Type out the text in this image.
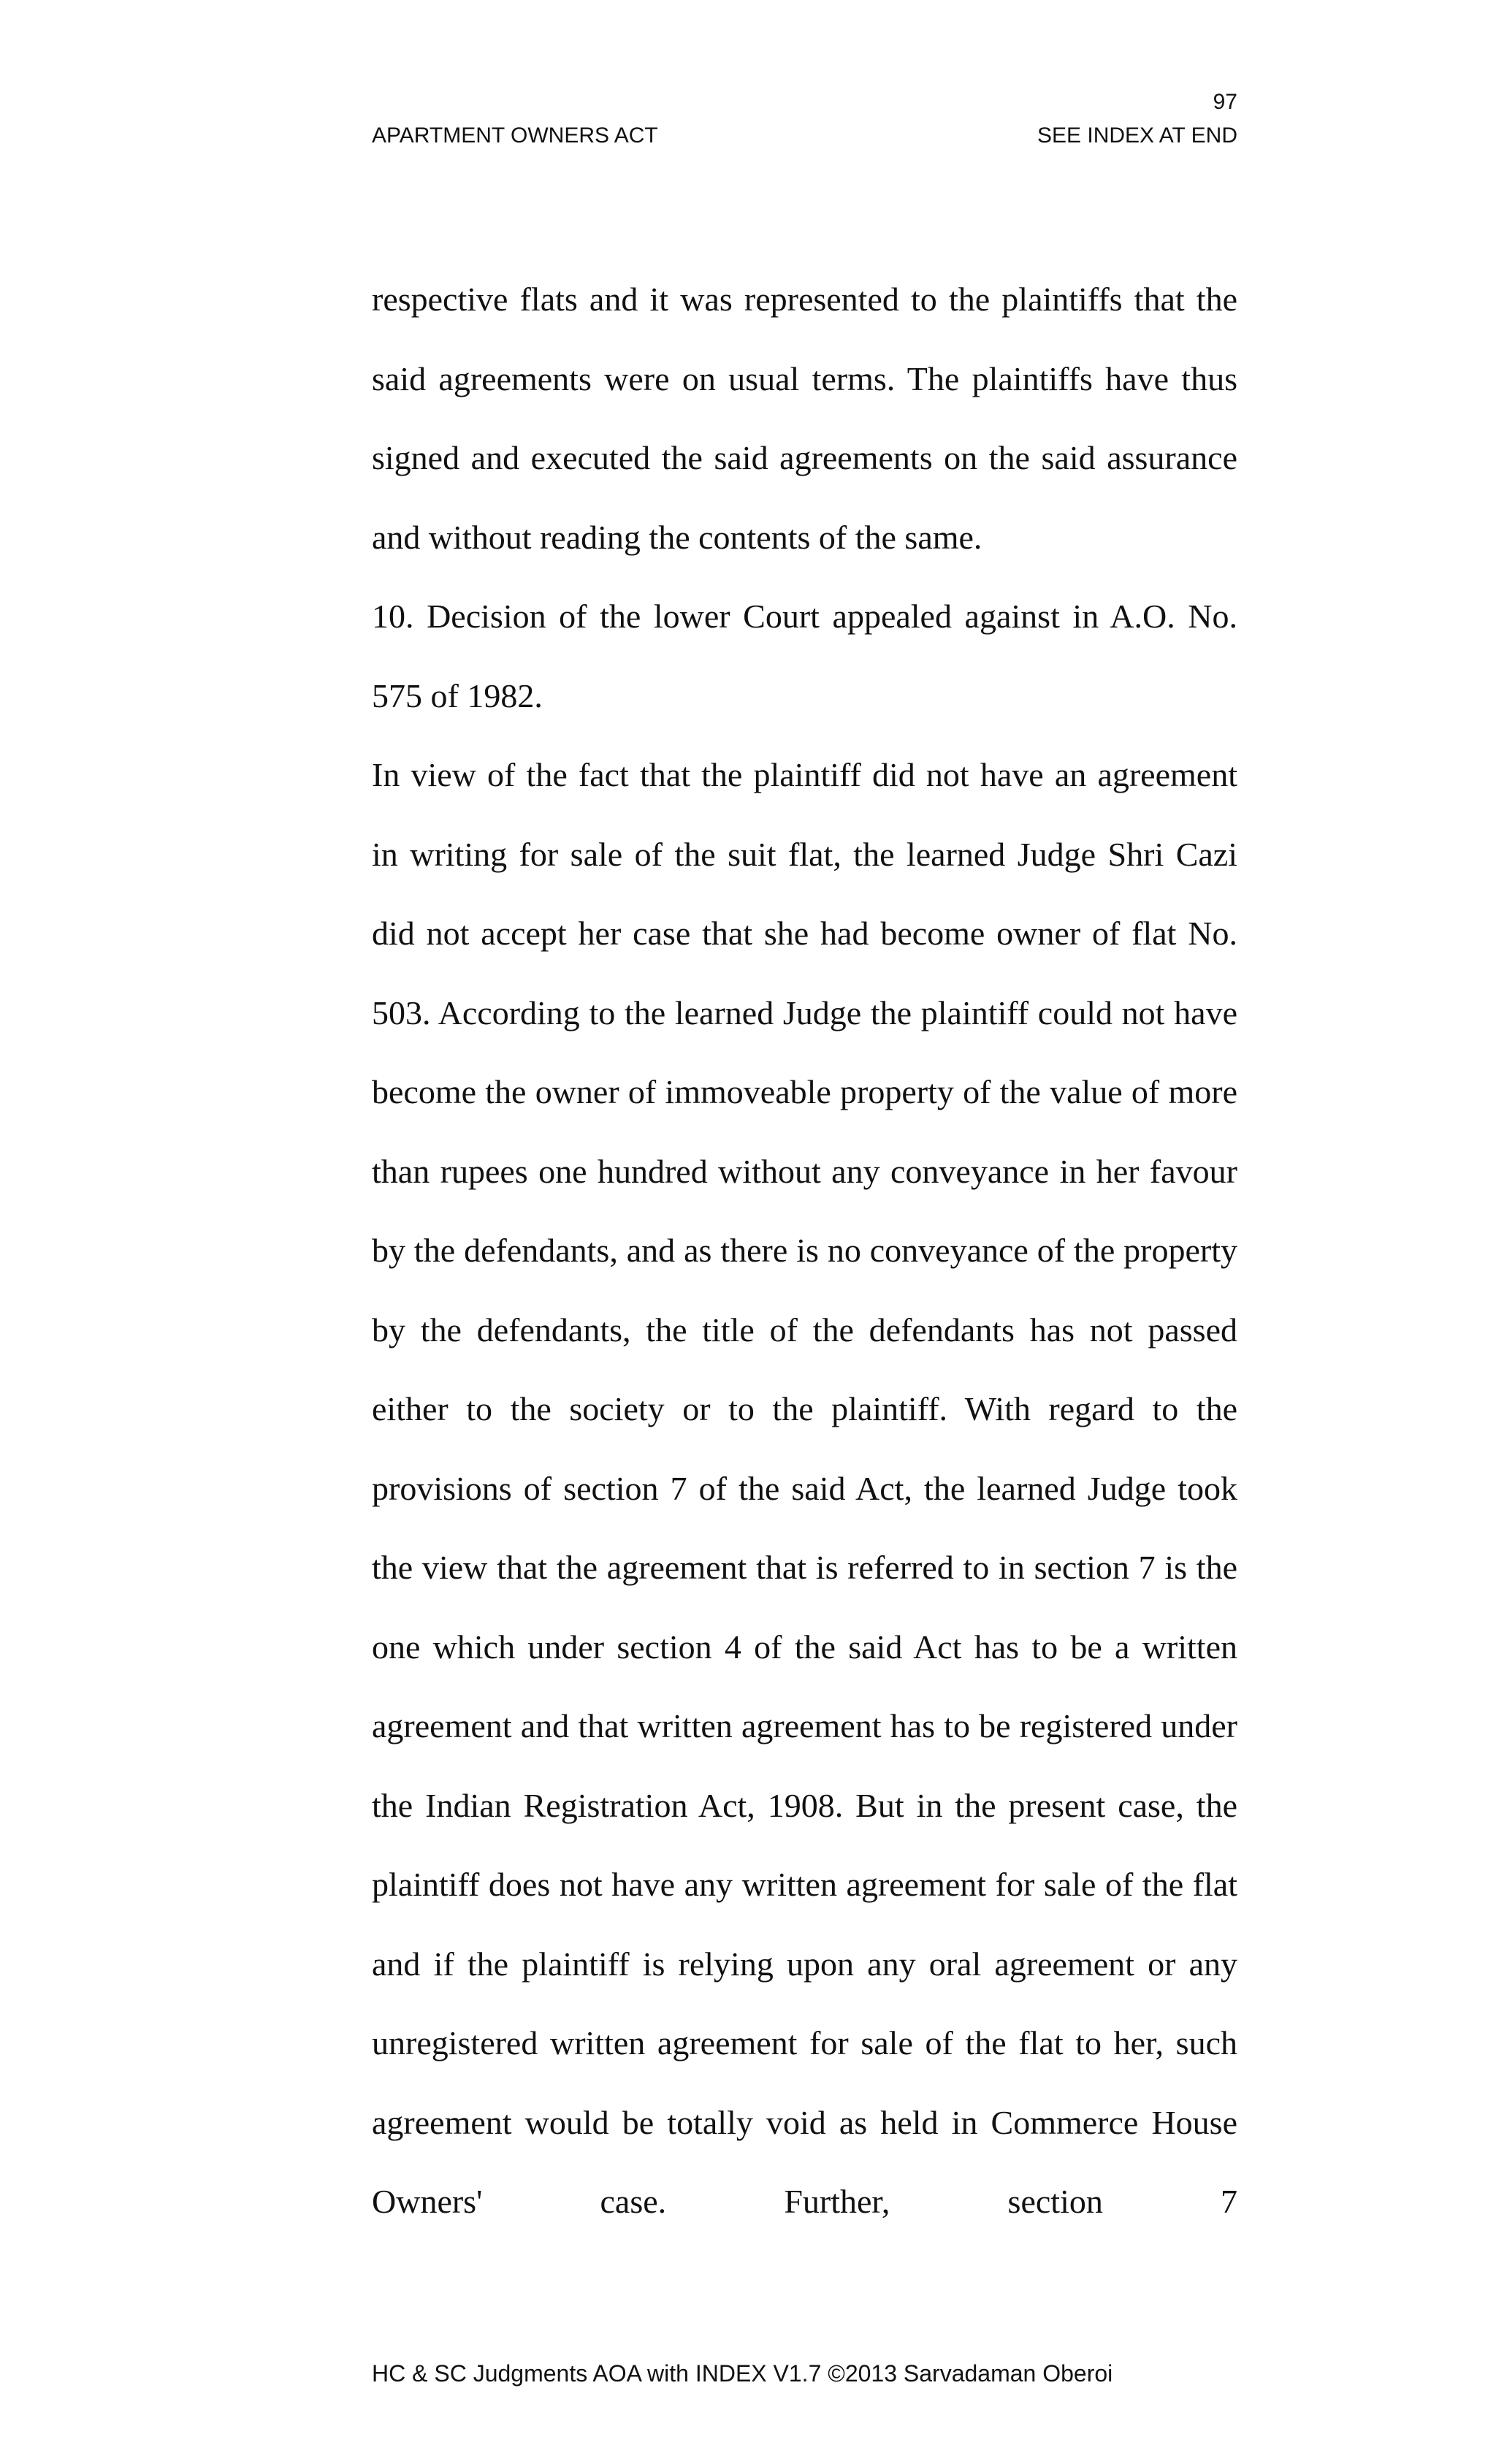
97
APARTMENT OWNERS ACT	SEE INDEX AT END

respective flats and it was represented to the plaintiffs that the said agreements were on usual terms. The plaintiffs have thus signed and executed the said agreements on the said assurance and without reading the contents of the same.

10. Decision of the lower Court appealed against in A.O. No. 575 of 1982.

In view of the fact that the plaintiff did not have an agreement in writing for sale of the suit flat, the learned Judge Shri Cazi did not accept her case that she had become owner of flat No. 503. According to the learned Judge the plaintiff could not have become the owner of immoveable property of the value of more than rupees one hundred without any conveyance in her favour by the defendants, and as there is no conveyance of the property by the defendants, the title of the defendants has not passed either to the society or to the plaintiff. With regard to the provisions of section 7 of the said Act, the learned Judge took the view that the agreement that is referred to in section 7 is the one which under section 4 of the said Act has to be a written agreement and that written agreement has to be registered under the Indian Registration Act, 1908. But in the present case, the plaintiff does not have any written agreement for sale of the flat and if the plaintiff is relying upon any oral agreement or any unregistered written agreement for sale of the flat to her, such agreement would be totally void as held in Commerce House Owners' case. Further, section 7

HC & SC Judgments AOA with INDEX V1.7 ©2013 Sarvadaman Oberoi
